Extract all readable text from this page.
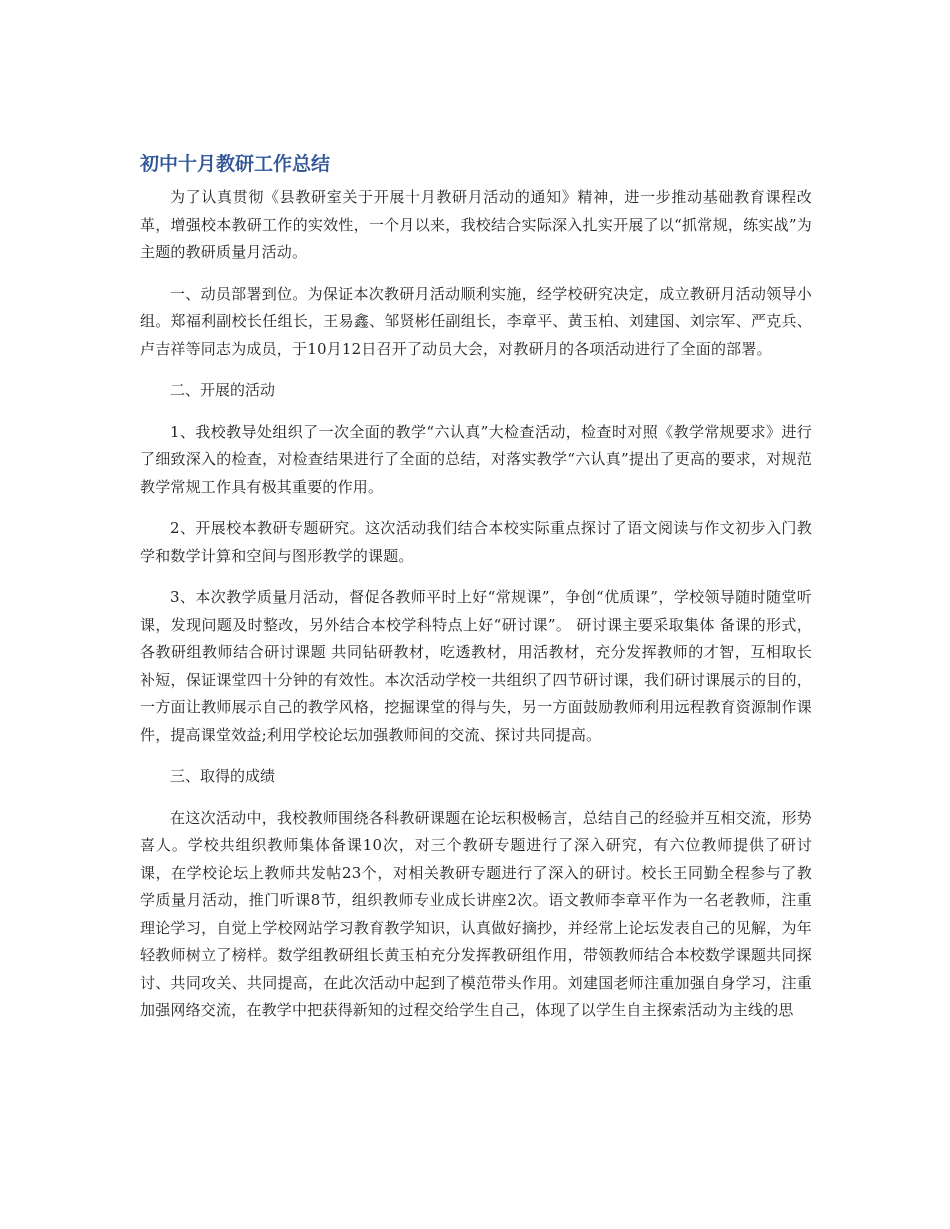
初中十月教研工作总结

为了认真贯彻《县教研室关于开展十月教研月活动的通知》精神，进一步推动基础教育课程改革，增强校本教研工作的实效性，一个月以来，我校结合实际深入扎实开展了以“抓常规，练实战”为主题的教研质量月活动。

一、动员部署到位。为保证本次教研月活动顺利实施，经学校研究决定，成立教研月活动领导小组。郑福利副校长任组长，王易鑫、邹贤彬任副组长，李章平、黄玉柏、刘建国、刘宗军、严克兵、卢吉祥等同志为成员，于10月12日召开了动员大会，对教研月的各项活动进行了全面的部署。

二、开展的活动

1、我校教导处组织了一次全面的教学“六认真”大检查活动，检查时对照《教学常规要求》进行了细致深入的检查，对检查结果进行了全面的总结，对落实教学“六认真”提出了更高的要求，对规范教学常规工作具有极其重要的作用。

2、开展校本教研专题研究。这次活动我们结合本校实际重点探讨了语文阅读与作文初步入门教学和数学计算和空间与图形教学的课题。

3、本次教学质量月活动，督促各教师平时上好“常规课”，争创“优质课”，学校领导随时随堂听课，发现问题及时整改，另外结合本校学科特点上好“研讨课”。 研讨课主要采取集体 备课的形式，各教研组教师结合研讨课题 共同钻研教材，吃透教材，用活教材，充分发挥教师的才智，互相取长补短，保证课堂四十分钟的有效性。本次活动学校一共组织了四节研讨课，我们研讨课展示的目的，一方面让教师展示自己的教学风格，挖掘课堂的得与失，另一方面鼓励教师利用远程教育资源制作课件，提高课堂效益;利用学校论坛加强教师间的交流、探讨共同提高。

三、取得的成绩

在这次活动中，我校教师围绕各科教研课题在论坛积极畅言，总结自己的经验并互相交流，形势喜人。学校共组织教师集体备课10次，对三个教研专题进行了深入研究，有六位教师提供了研讨课，在学校论坛上教师共发帖23个，对相关教研专题进行了深入的研讨。校长王同勤全程参与了教学质量月活动，推门听课8节，组织教师专业成长讲座2次。语文教师李章平作为一名老教师，注重理论学习，自觉上学校网站学习教育教学知识，认真做好摘抄，并经常上论坛发表自己的见解，为年轻教师树立了榜样。数学组教研组长黄玉柏充分发挥教研组作用，带领教师结合本校数学课题共同探讨、共同攻关、共同提高，在此次活动中起到了模范带头作用。刘建国老师注重加强自身学习，注重加强网络交流，在教学中把获得新知的过程交给学生自己，体现了以学生自主探索活动为主线的思
